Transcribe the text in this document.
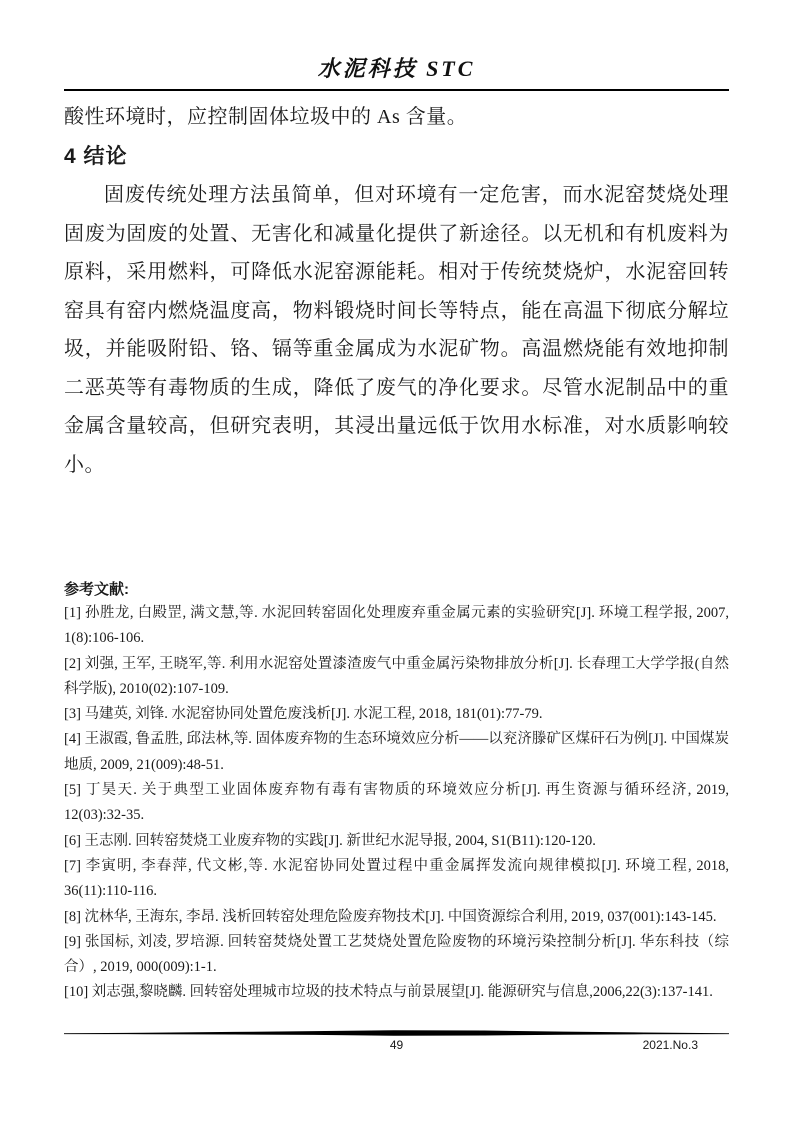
水泥科技 STC
酸性环境时，应控制固体垃圾中的 As 含量。
4 结论

固废传统处理方法虽简单，但对环境有一定危害，而水泥窑焚烧处理固废为固废的处置、无害化和减量化提供了新途径。以无机和有机废料为原料，采用燃料，可降低水泥窑源能耗。相对于传统焚烧炉，水泥窑回转窑具有窑内燃烧温度高，物料锻烧时间长等特点，能在高温下彻底分解垃圾，并能吸附铅、铬、镉等重金属成为水泥矿物。高温燃烧能有效地抑制二恶英等有毒物质的生成，降低了废气的净化要求。尽管水泥制品中的重金属含量较高，但研究表明，其浸出量远低于饮用水标准，对水质影响较小。

参考文献:

[1] 孙胜龙, 白殿罡, 满文慧,等. 水泥回转窑固化处理废弃重金属元素的实验研究[J]. 环境工程学报, 2007, 1(8):106-106.

[2] 刘强, 王军, 王晓军,等. 利用水泥窑处置漆渣废气中重金属污染物排放分析[J]. 长春理工大学学报(自然科学版), 2010(02):107-109.

[3] 马建英, 刘锋. 水泥窑协同处置危废浅析[J]. 水泥工程, 2018, 181(01):77-79.

[4] 王淑霞, 鲁孟胜, 邱法林,等. 固体废弃物的生态环境效应分析——以兖济滕矿区煤矸石为例[J]. 中国煤炭地质, 2009, 21(009):48-51.

[5] 丁昊天. 关于典型工业固体废弃物有毒有害物质的环境效应分析[J]. 再生资源与循环经济, 2019, 12(03):32-35.

[6] 王志刚. 回转窑焚烧工业废弃物的实践[J]. 新世纪水泥导报, 2004, S1(B11):120-120.

[7] 李寅明, 李春萍, 代文彬,等. 水泥窑协同处置过程中重金属挥发流向规律模拟[J]. 环境工程, 2018, 36(11):110-116.

[8] 沈林华, 王海东, 李昂. 浅析回转窑处理危险废弃物技术[J]. 中国资源综合利用, 2019, 037(001):143-145.

[9] 张国标, 刘凌, 罗培源. 回转窑焚烧处置工艺焚烧处置危险废物的环境污染控制分析[J]. 华东科技（综合）, 2019, 000(009):1-1.

[10] 刘志强,黎晓麟. 回转窑处理城市垃圾的技术特点与前景展望[J]. 能源研究与信息,2006,22(3):137-141.

49	2021.No.3
